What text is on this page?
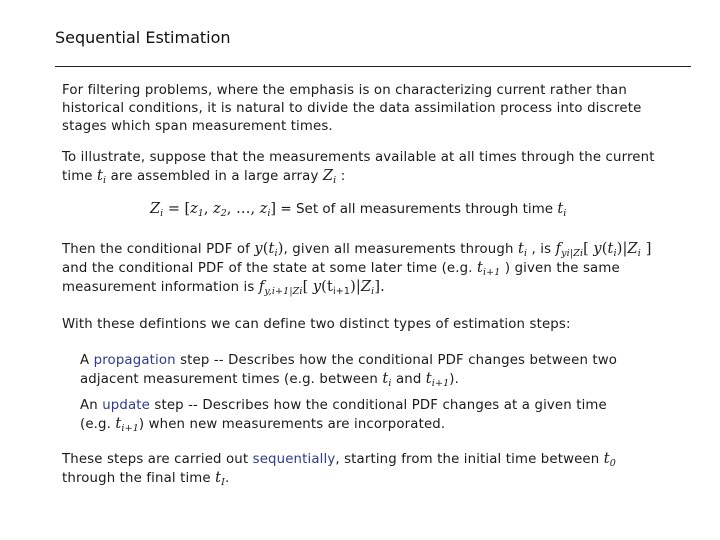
Sequential Estimation
For filtering problems, where the emphasis is on characterizing current rather than
historical conditions, it is natural to divide the data assimilation process into discrete
stages which span measurement times.
To illustrate, suppose that the measurements available at all times through the current
time $t_i$ are assembled in a large array $Z_i$ :
$Z_i = [z_1$, $z_2$, …, $z_i$] = Set of all measurements through time $t_i$
Then the conditional PDF of $y(t_i)$, given all measurements through $t_i$ , is $f_{yi|Zi}$[ $y(t_i)|Z_i$ ]
and the conditional PDF of the state at some later time (e.g. $t_{i+1}$ ) given the same
measurement information is $f_{y,i+1|Zi}$[ $y(t_{i+1})|Z_i$].
With these defintions we can define two distinct types of estimation steps:
A propagation step -- Describes how the conditional PDF changes between two
adjacent measurement times (e.g. between $t_i$ and $t_{i+1}$).
An update step -- Describes how the conditional PDF changes at a given time
(e.g. $t_{i+1}$) when new measurements are incorporated.
These steps are carried out sequentially, starting from the initial time between $t_0$
through the final time $t_I$.
